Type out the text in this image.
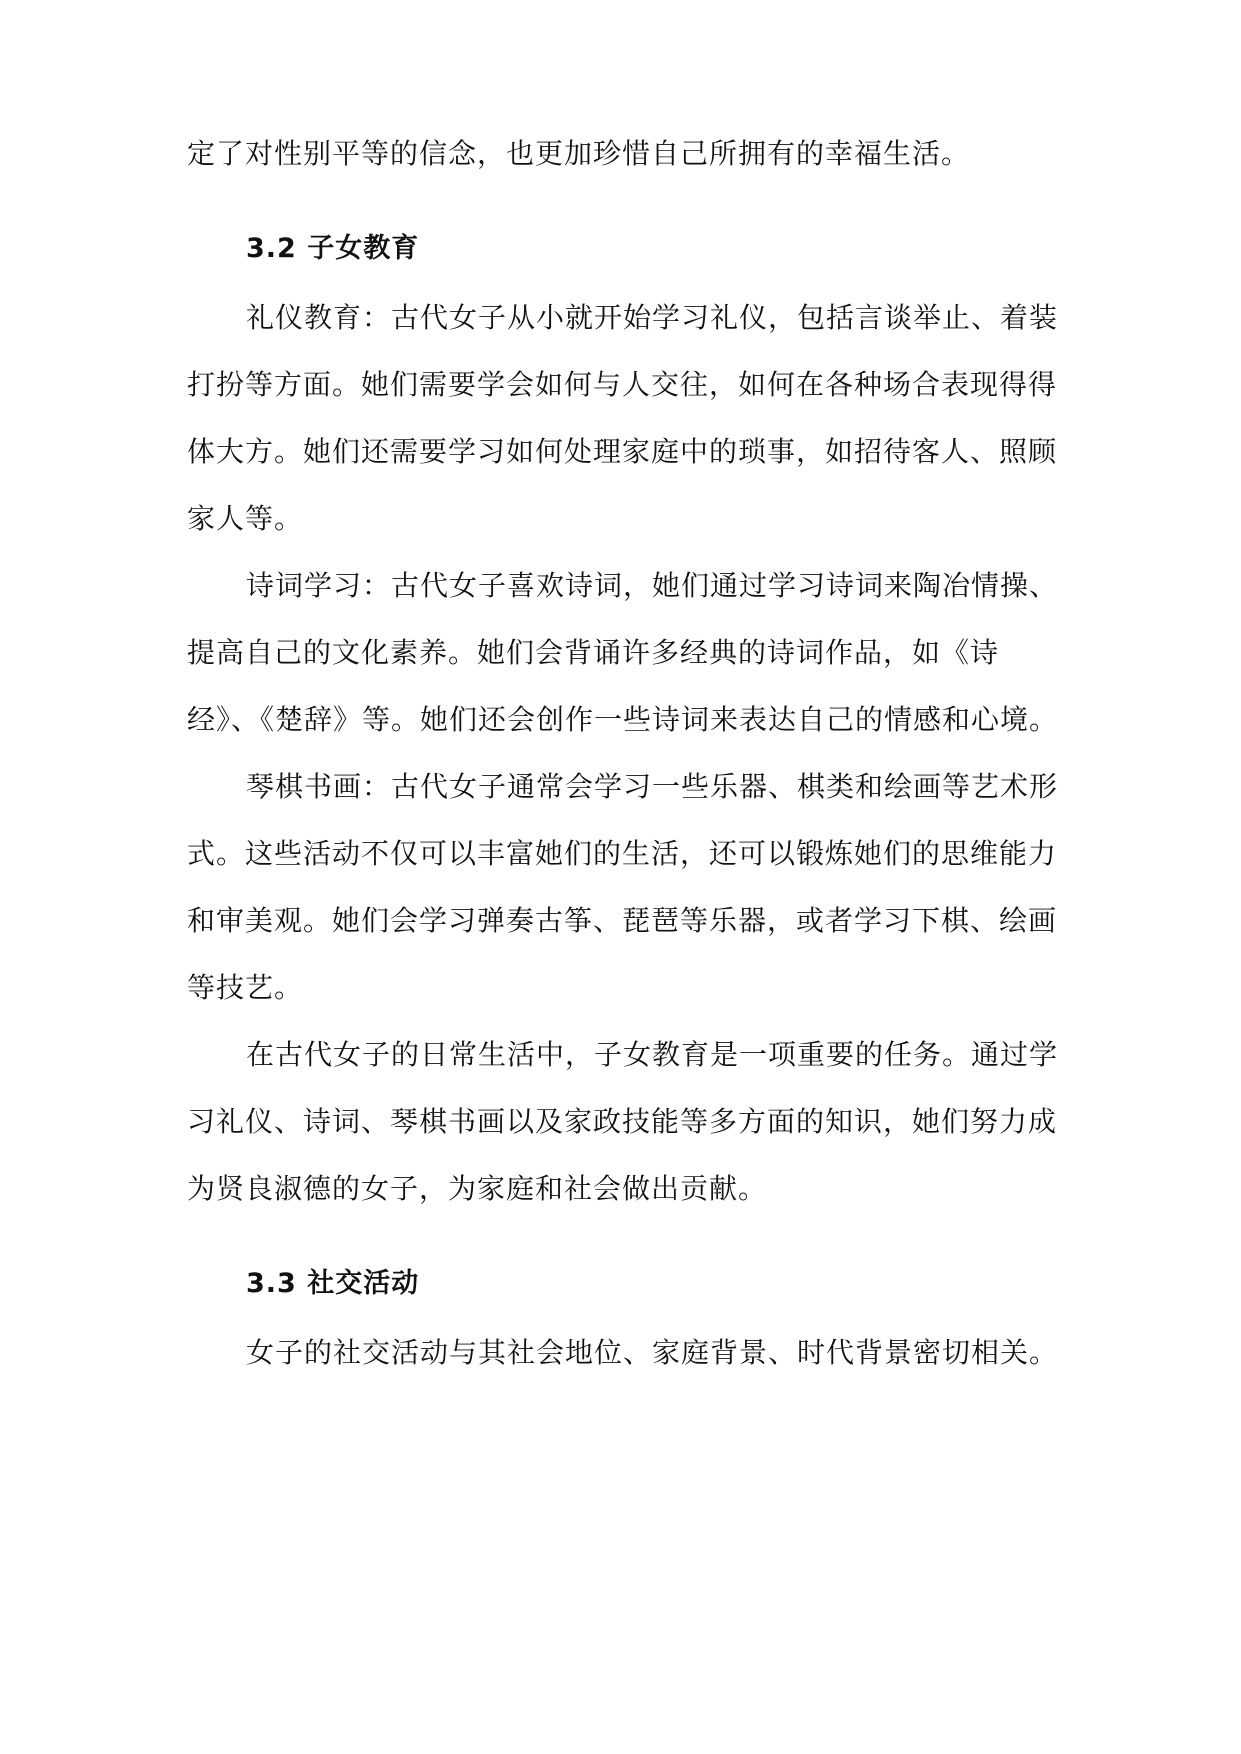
定了对性别平等的信念，也更加珍惜自己所拥有的幸福生活。
3.2 子女教育
礼仪教育：古代女子从小就开始学习礼仪，包括言谈举止、着装
打扮等方面。她们需要学会如何与人交往，如何在各种场合表现得得
体大方。她们还需要学习如何处理家庭中的琐事，如招待客人、照顾
家人等。
诗词学习：古代女子喜欢诗词，她们通过学习诗词来陶冶情操、
提高自己的文化素养。她们会背诵许多经典的诗词作品，如《诗
经》、《楚辞》等。她们还会创作一些诗词来表达自己的情感和心境。
琴棋书画：古代女子通常会学习一些乐器、棋类和绘画等艺术形
式。这些活动不仅可以丰富她们的生活，还可以锻炼她们的思维能力
和审美观。她们会学习弹奏古筝、琵琶等乐器，或者学习下棋、绘画
等技艺。
在古代女子的日常生活中，子女教育是一项重要的任务。通过学
习礼仪、诗词、琴棋书画以及家政技能等多方面的知识，她们努力成
为贤良淑德的女子，为家庭和社会做出贡献。
3.3 社交活动
女子的社交活动与其社会地位、家庭背景、时代背景密切相关。
